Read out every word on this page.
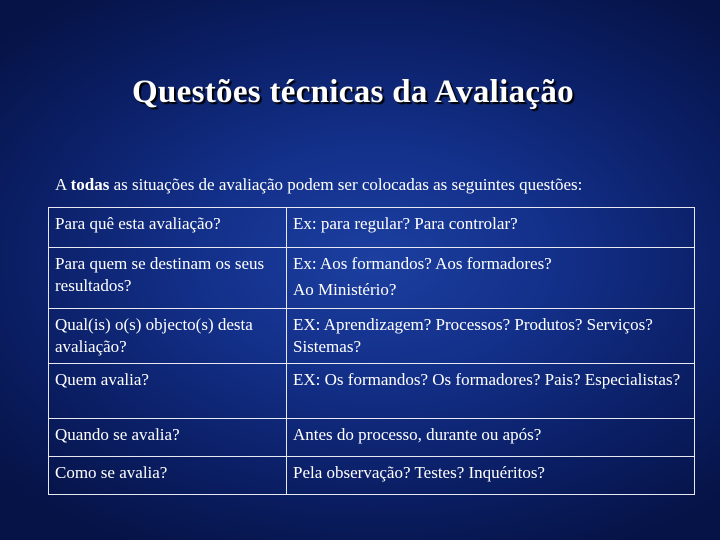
Questões técnicas da Avaliação
A todas as situações de avaliação podem ser colocadas as seguintes questões:
Para quê esta avaliação?	Ex: para regular? Para controlar?
Para quem se destinam os seus resultados?	Ex: Aos formandos? Aos formadores?
Ao Ministério?

Qual(is) o(s) objecto(s) desta avaliação?	EX: Aprendizagem? Processos? Produtos? Serviços? Sistemas?
Quem avalia?	EX: Os formandos? Os formadores? Pais? Especialistas?
Quando se avalia?	Antes do processo, durante ou após?
Como se avalia?	Pela observação? Testes? Inquéritos?
